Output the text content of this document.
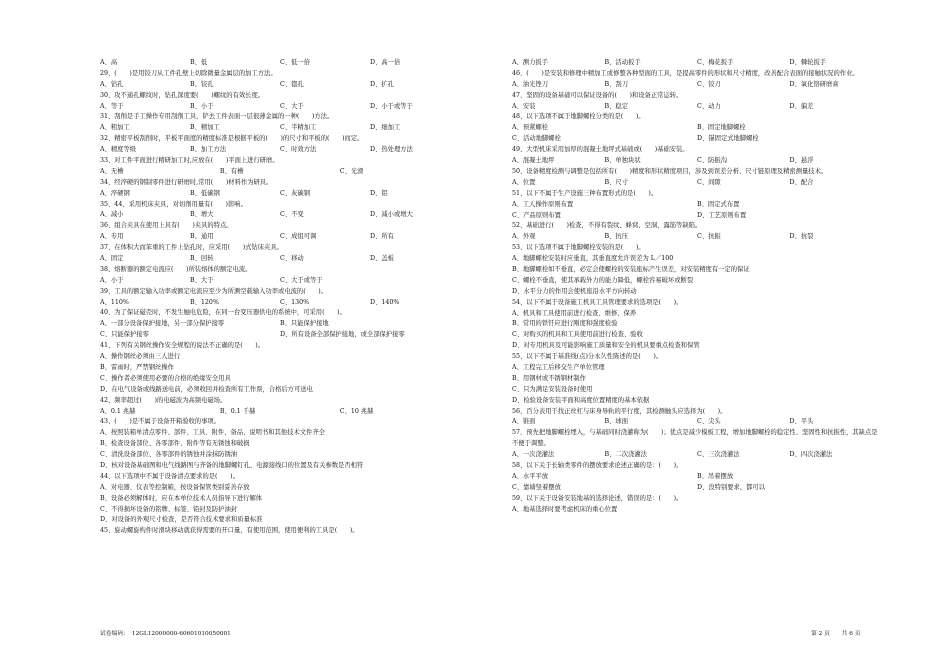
A、高	B、低	C、低一倍	D、高一倍
29、(　　)是用铰刀从工件孔壁上切除微量金属层的加工方法。
A、钻孔	B、铰孔	C、锪孔	D、扩孔
30、攻不通孔螺纹时，钻孔深度要(　　)螺纹的有效长度。
A、等于	B、小于	C、大于	D、小于或等于
31、刮削是手工操作专用刮削工具，铲去工件表面一层很薄金属的一种(　　)方法。
A、粗加工	B、精加工	C、半精加工	D、细加工
32、精密平板刮削时，平板平面度的精度标准是根据平板的(　　)的尺寸和平板的(　　)而定。
A、精度等级	B、加工方法	C、时效方法	D、热处理方法
33、对工件平面进行精研加工时,应放在(　　)平面上进行研磨。
A、无槽	B、有槽	C、光滑
34、经淬硬的钢制零件进行研磨时,常用(　　)材料作为研具。
A、淬硬钢	B、低碳钢	C、灰碳钢	D、铝
35、44、采用机床夹具，对切削用量有(　　)影响。
A、减小	B、增大	C、不变	D、减小或增大
36、组合夹具在使用上具有(　　)夹具的特点。
A、专用	B、通用	C、成组可调	D、所有
37、在体积大而笨重的工件上钻孔时，应采用(　　)式钻床夹具。
A、固定	B、回转	C、移动	D、盖板
38、熔断器的额定电流应(　　)所装熔体的额定电流。
A、小于	B、大于	C、大于或等于
39、工具的额定输入功率或额定电流应至少为所测空载输入功率或电流的(　　)。
A、110%	B、120%	C、130%	D、140%
40、为了保证磁壳时，不发生触电危险，在同一台变压器供电的系统中，可采用(　　)。
A、一部分设备保护接地，另一部分保护接零	B、只能保护接地
C、只能保护接零	D、所有设备全部保护接地，或全部保护接零
41、下列有关钢丝操作安全规程的说法不正确的是(　　)。
A、操作钢丝必须由三人进行
B、雷雨时，严禁钢丝操作
C、操作者必须使用必要的合格的绝缘安全用具
D、在电气设备或线路送电前，必须收回并检查所有工作票，合格后方可送电
42、频率超过(　　)的电磁波为高频电磁场。
A、0.1 兆赫	B、0.1 千赫	C、10 兆赫
43、(　　)是不属于设备开箱验收的事项。
A、按照装箱单清点零件、部件、工具、附件、备品、说明书和其他技术文件齐全
B、检查设备部位、各零部件、附件等有无锈蚀和破损
C、清洗设备部位、各零部件的锈蚀并涂抹防锈油
D、核对设备基础图和电气线路图与齐备的地脚螺钉孔、电源接线口的位置及有关参数是否相符
44、以下选项中不属于设备清点要求的是(　　)。
A、对电器、仪表等控制箱，按设备保管类别妥善存放
B、设备必须解体时，应在本单位技术人员指导下进行解体
C、不得损坏设备的铭牌、标签、铅封及防护油封
D、对设备的外观尺寸检查，是否符合技术要求和质量标准
45、旋动螺旋构件时滑块移动就获得需要的开口量，有使用范围，使用便利的工具是(　　)。
A、测力扳手	B、活动扳手	C、梅花扳手	D、棘轮扳手
46、(　　)是安装和修理中精加工或修整各种型面的工具，是提高零件的形状和尺寸精度，改善配合表面的接触状况的作业。
A、油光锉刀	B、刮刀	C、铰刀	D、氧化铬研磨膏
47、坚固的设备基础可以保证设备的(　　)和设备正常运转。
A、安装	B、稳定	C、动力	D、偏差
48、以下选项不属于地脚螺栓分类的是(　　)。
A、预紧螺栓	B、固定地脚螺栓
C、活动地脚螺栓	D、锚固定式地脚螺栓
49、大型机床采用加厚的混凝土地坪式基础或(　　)基础安装。
A、混凝土地坪	B、单独块状	C、防振沟	D、悬浮
50、设备精度检测与调整是包括所有(　　)精度和形状精度项目，涉及到误差分析、尺寸链原理及精密测量技术。
A、位置	B、尺寸	C、间隙	D、配合
51、以下不属于生产设施三种布置形式的是(　　)。
A、工人操作原则布置	B、固定式布置
C、产品原则布置	D、工艺原则布置
52、基础进行(　　)检查，不得有裂纹、蜂窝、空洞、露筋等缺陷。
A、外观	B、抗压	C、抗振	D、抗裂
53、以下选项不属于地脚螺栓安装的是(　　)。
A、地脚螺栓安装时应垂直，其垂直度允许误差为 L／100
B、地脚螺栓如不垂直，必定会使螺栓的安装座标产生误差，对安装精度有一定的保证
C、螺栓不垂直，使其承载外力的能力降低，螺栓容易破坏或断裂
D、水平分力的作用会使机座沿水平方向转动
54、以下不属于设备施工机具工具管理要求的选项是(　　)。
A、机具和工具使用前进行检查、维修、保养
B、常用的铁钎应进行刚度和强度检验
C、对购买的机具和工具使用前进行检查、验收
D、对专用机具及可能影响施工质量和安全的机具要重点检查和保管
55、以下不属于基准线(点)分永久性陈述的是(　　)。
A、工程完工后移交生产单位管理
B、用钢材或不锈钢材制作
C、只为满足安装设备时使用
D、检验设备安装平面和高度位置精度的基本依据
56、百分表用于找正丝杠与床身导轨的平行度，其检测触头应选择为(　　)。
A、锥面	B、球面	C、尖头	D、平头
57、预先把地脚螺栓埋入，与基础同时浇灌称为(　　)；优点是减少模板工程，增加地脚螺栓的稳定性、坚固性和抗振性，其缺点是不便于调整。
A、一次浇灌法	B、二次浇灌法	C、三次浇灌法	D、四次浇灌法
58、以下关于长轴类零件的摆放要求论述正确的是：(　　)。
A、水平平放	B、吊着摆放
C、靠墙竖着摆放	D、没特别要求，都可以
59、以下关于设备安装地基的选择论述，错误的是：(　　)。
A、地基选择时要考虑机床的重心位置
试卷编码：　12GL12000000-60601010050001	第 2 页　　共 6 页
